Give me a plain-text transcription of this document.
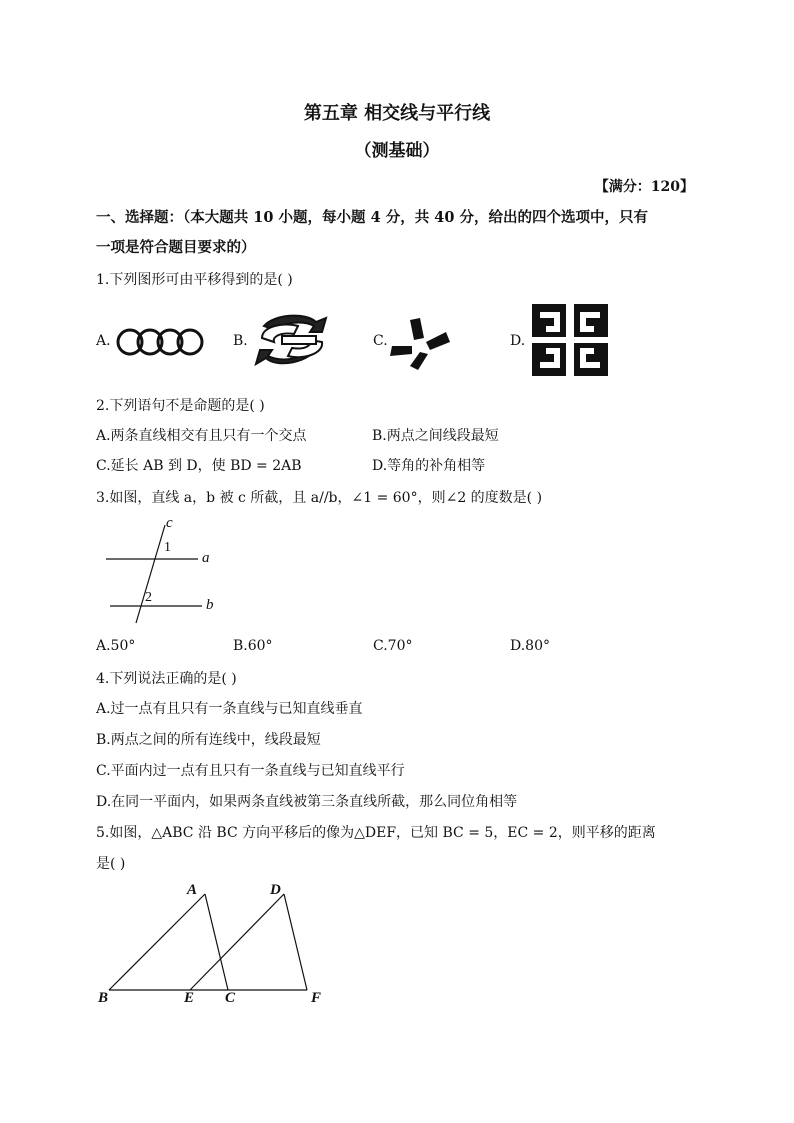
第五章 相交线与平行线
（测基础）
【满分：120】
一、选择题：（本大题共 10 小题，每小题 4 分，共 40 分，给出的四个选项中，只有
一项是符合题目要求的）
1.下列图形可由平移得到的是( )
A.	B.	C.	D.
2.下列语句不是命题的是( )
A.两条直线相交有且只有一个交点	B.两点之间线段最短
C.延长 AB 到 D，使 BD = 2AB	D.等角的补角相等
3.如图，直线 a，b 被 c 所截，且 a//b，∠1 = 60°，则∠2 的度数是( )
c
a
b
1
2
A.50°	B.60°	C.70°	D.80°
4.下列说法正确的是( )
A.过一点有且只有一条直线与已知直线垂直
B.两点之间的所有连线中，线段最短
C.平面内过一点有且只有一条直线与已知直线平行
D.在同一平面内，如果两条直线被第三条直线所截，那么同位角相等
5.如图，△ABC 沿 BC 方向平移后的像为△DEF，已知 BC = 5，EC = 2，则平移的距离
是( )
A	D
B	E C	F
